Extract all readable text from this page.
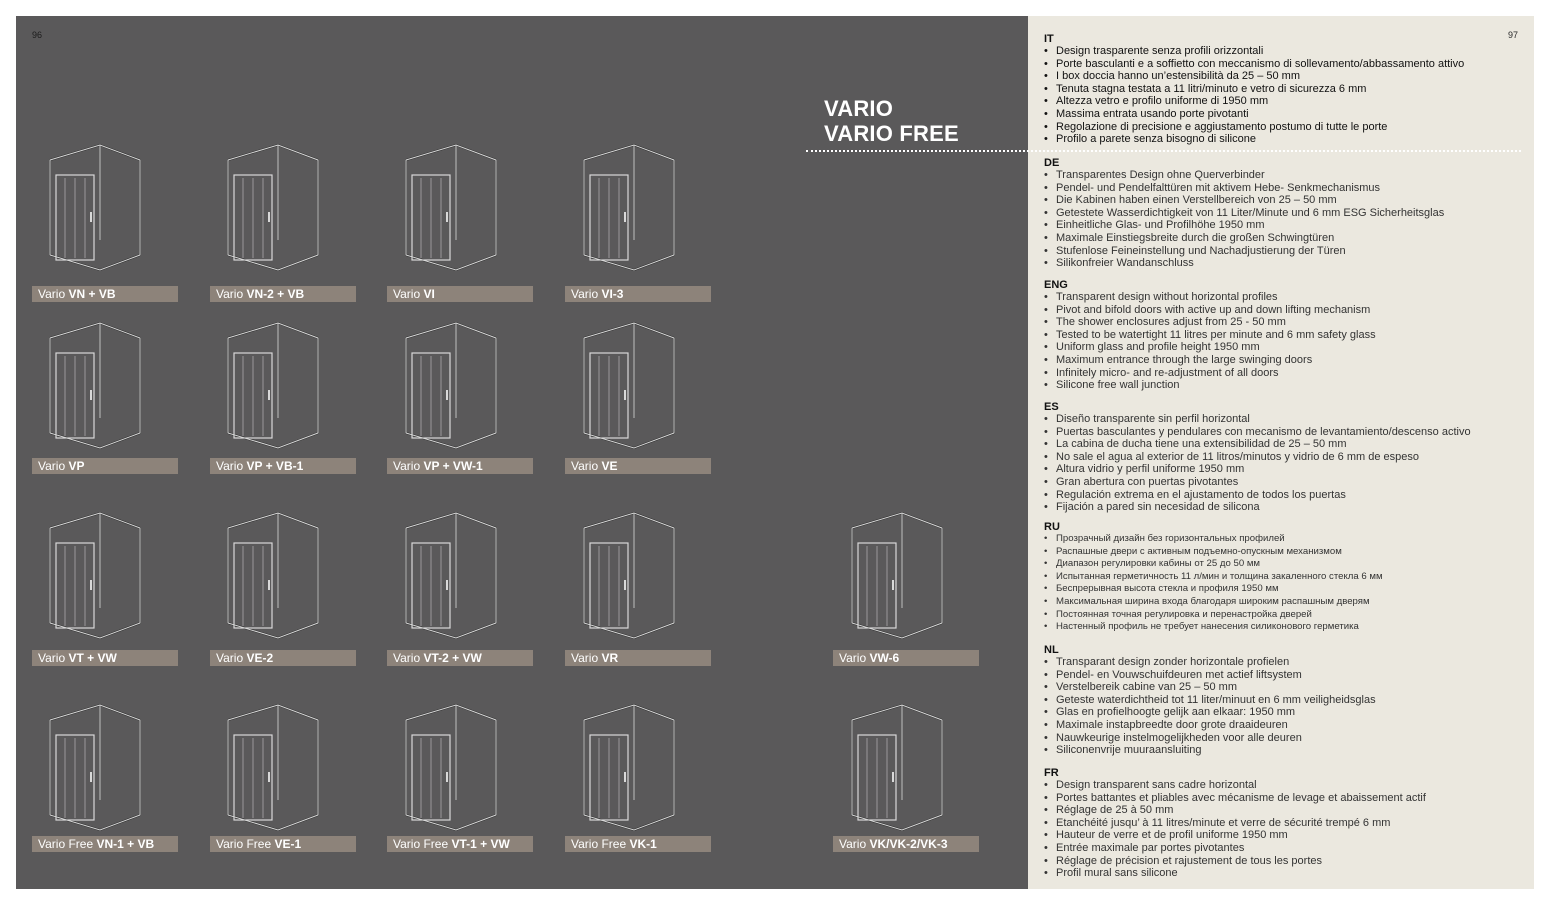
96	97
VARIO
VARIO FREE
Vario VN + VB	Vario VN-2 + VB	Vario VI	Vario VI-3
Vario VP	Vario VP + VB-1	Vario VP + VW-1	Vario VE
Vario VT + VW	Vario VE-2	Vario VT-2 + VW	Vario VR	Vario VW-6
Vario Free VN-1 + VB	Vario Free VE-1	Vario Free VT-1 + VW	Vario Free VK-1	Vario VK/VK-2/VK-3
IT
• Design trasparente senza profili orizzontali
• Porte basculanti e a soffietto con meccanismo di sollevamento/abbassamento attivo
• I box doccia hanno un’estensibilità da 25 – 50 mm
• Tenuta stagna testata a 11 litri/minuto e vetro di sicurezza 6 mm
• Altezza vetro e profilo uniforme di 1950 mm
• Massima entrata usando porte pivotanti
• Regolazione di precisione e aggiustamento postumo di tutte le porte
• Profilo a parete senza bisogno di silicone
DE
• Transparentes Design ohne Querverbinder
• Pendel- und Pendelfalttüren mit aktivem Hebe- Senkmechanismus
• Die Kabinen haben einen Verstellbereich von 25 – 50 mm
• Getestete Wasserdichtigkeit von 11 Liter/Minute und 6 mm ESG Sicherheitsglas
• Einheitliche Glas- und Profilhöhe 1950 mm
• Maximale Einstiegsbreite durch die großen Schwingtüren
• Stufenlose Feineinstellung und Nachadjustierung der Türen
• Silikonfreier Wandanschluss
ENG
• Transparent design without horizontal profiles
• Pivot and bifold doors with active up and down lifting mechanism
• The shower enclosures adjust from 25 - 50 mm
• Tested to be watertight 11 litres per minute and 6 mm safety glass
• Uniform glass and profile height 1950 mm
• Maximum entrance through the large swinging doors
• Infinitely micro- and re-adjustment of all doors
• Silicone free wall junction
ES
• Diseño transparente sin perfil horizontal
• Puertas basculantes y pendulares con mecanismo de levantamiento/descenso activo
• La cabina de ducha tiene una extensibilidad de 25 – 50 mm
• No sale el agua al exterior de 11 litros/minutos y vidrio de 6 mm de espeso
• Altura vidrio y perfil uniforme 1950 mm
• Gran abertura con puertas pivotantes
• Regulación extrema en el ajustamento de todos los puertas
• Fijación a pared sin necesidad de silicona
RU
• Прозрачный дизайн без горизонтальных профилей
• Распашные двери с активным подъемно-опускным механизмом
• Диапазон регулировки кабины от 25 до 50 мм
• Испытанная герметичность 11 л/мин и толщина закаленного стекла 6 мм
• Беспрерывная высота стекла и профиля 1950 мм
• Максимальная ширина входа благодаря широким распашным дверям
• Постоянная точная регулировка и перенастройка дверей
• Настенный профиль не требует нанесения силиконового герметика
NL
• Transparant design zonder horizontale profielen
• Pendel- en Vouwschuifdeuren met actief liftsystem
• Verstelbereik cabine van 25 – 50 mm
• Geteste waterdichtheid tot 11 liter/minuut en 6 mm veiligheidsglas
• Glas en profielhoogte gelijk aan elkaar: 1950 mm
• Maximale instapbreedte door grote draaideuren
• Nauwkeurige instelmogelijkheden voor alle deuren
• Siliconenvrije muuraansluiting
FR
• Design transparent sans cadre horizontal
• Portes battantes et pliables avec mécanisme de levage et abaissement actif
• Réglage de 25 à 50 mm
• Etanchéité jusqu’ à 11 litres/minute et verre de sécurité trempé 6 mm
• Hauteur de verre et de profil uniforme 1950 mm
• Entrée maximale par portes pivotantes
• Réglage de précision et rajustement de tous les portes
• Profil mural sans silicone
